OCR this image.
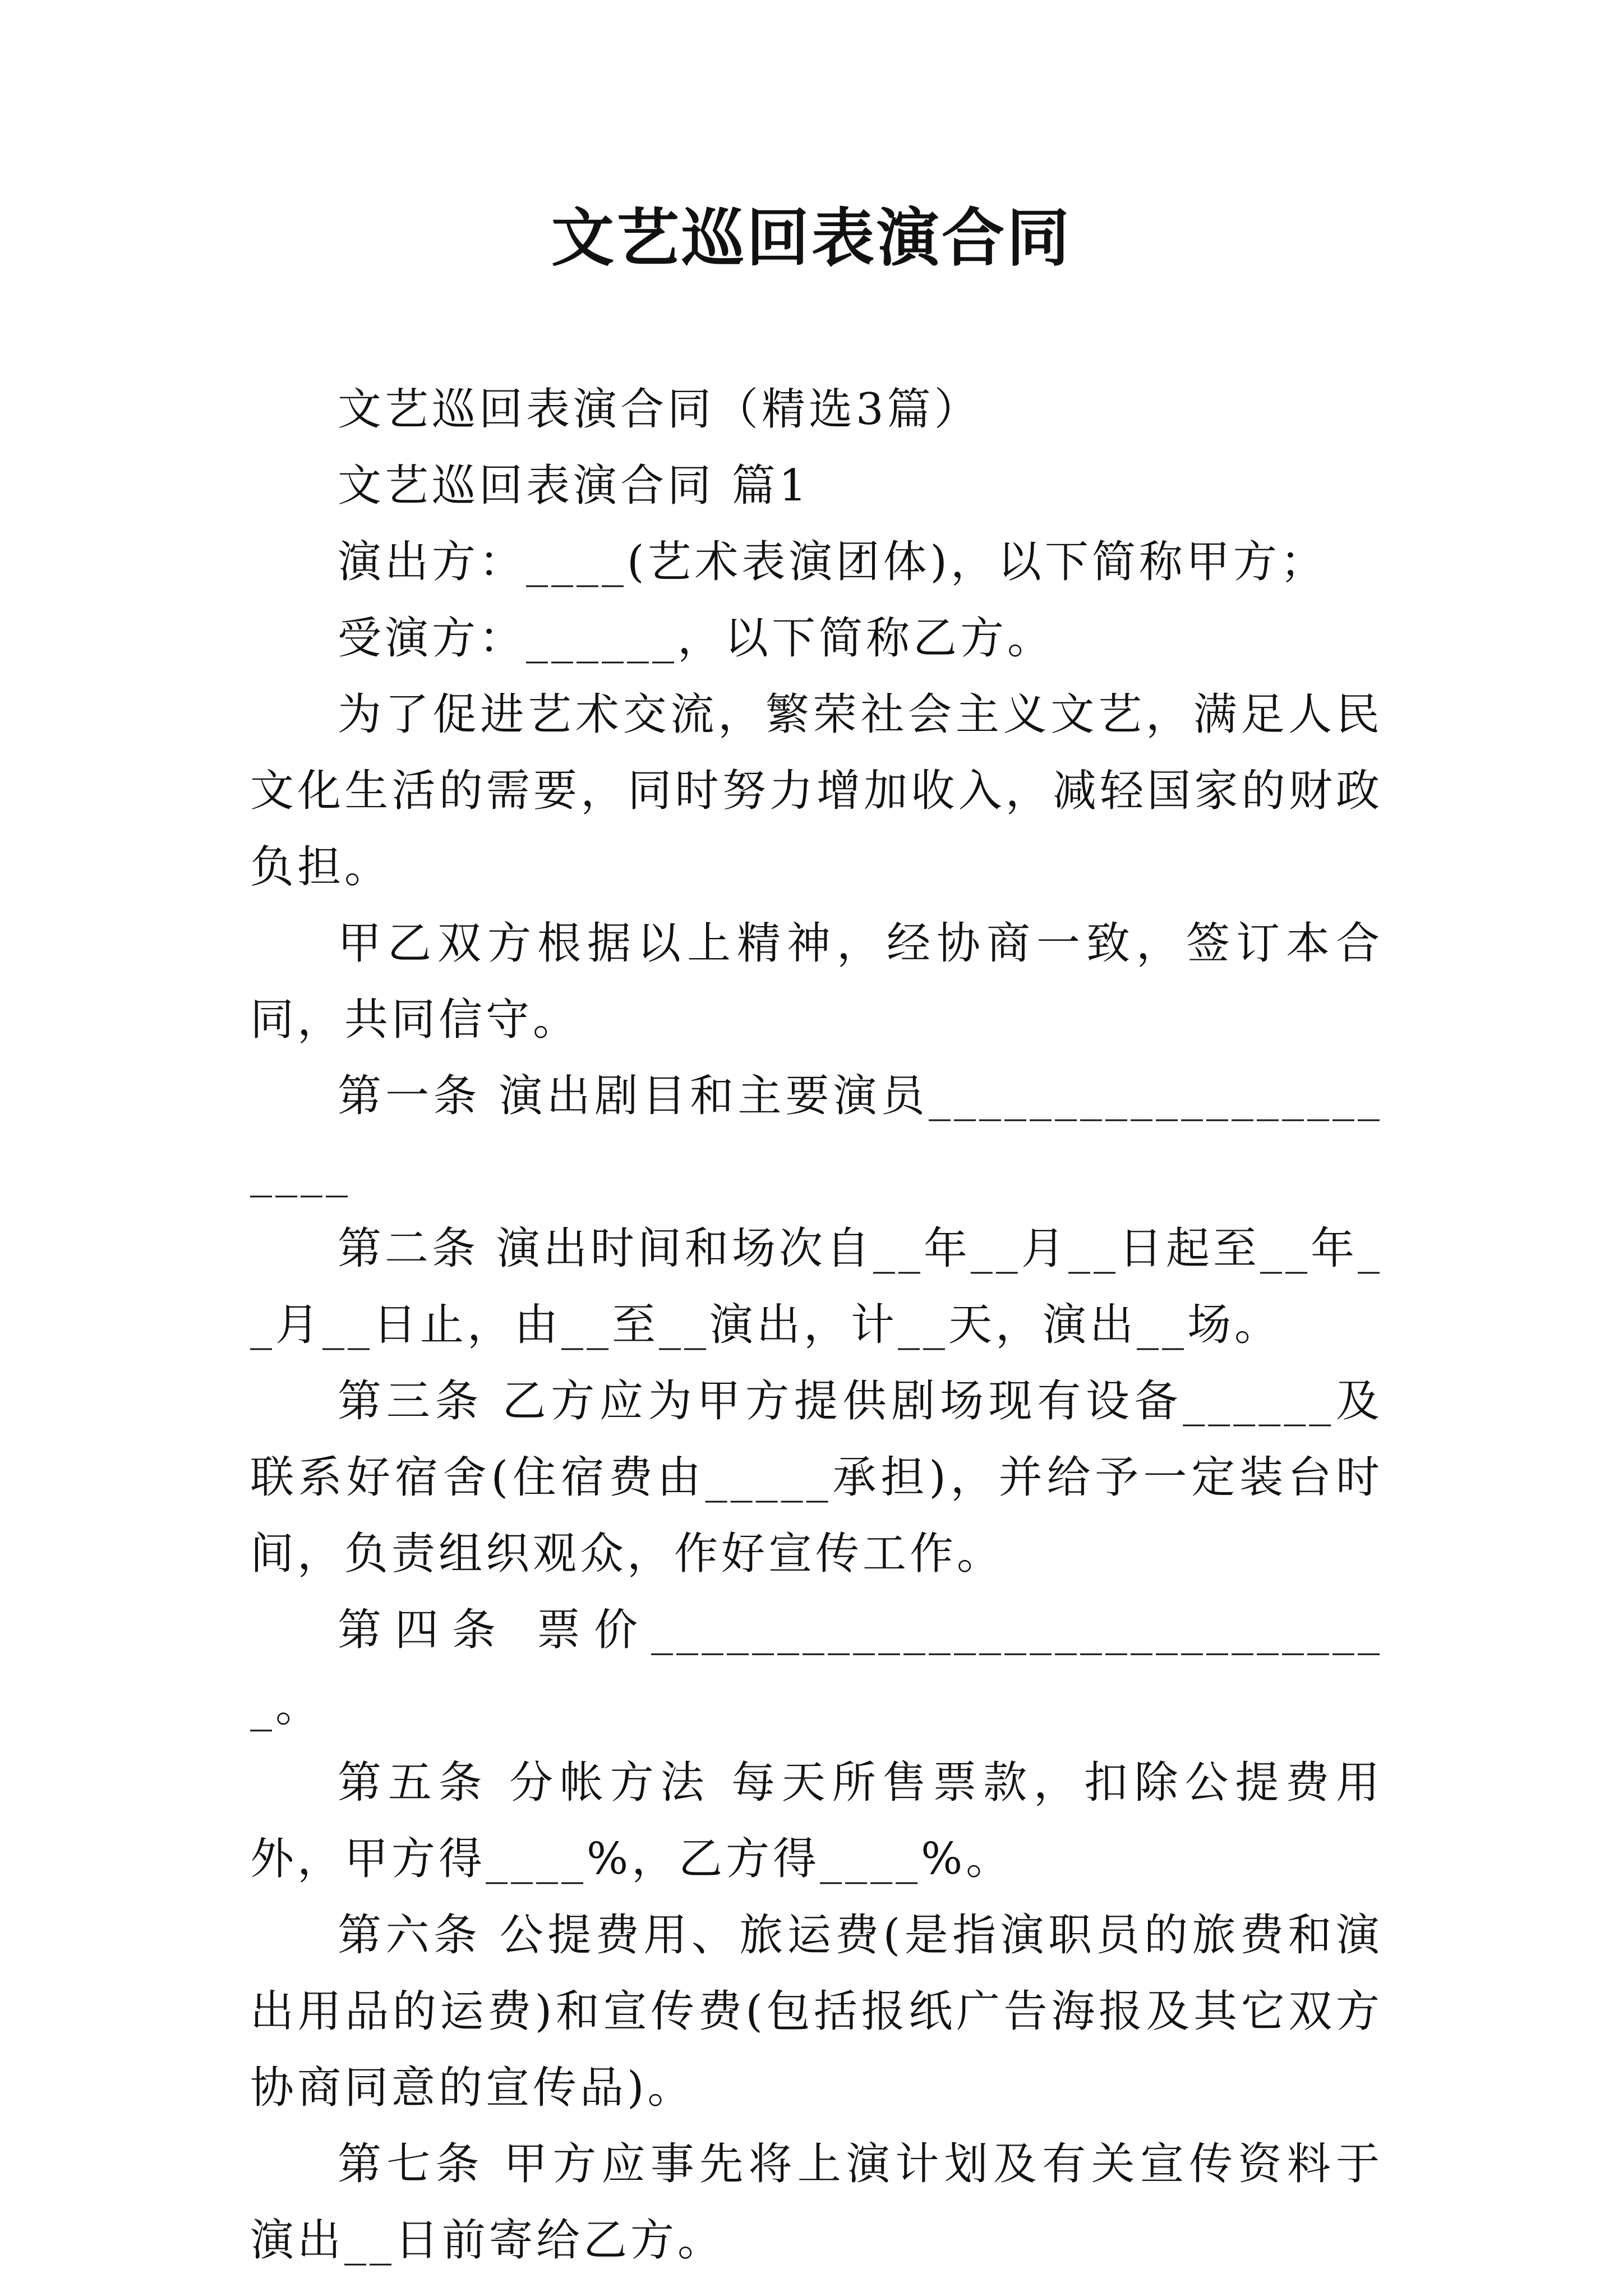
文艺巡回表演合同

文艺巡回表演合同（精选3篇）

文艺巡回表演合同 篇1

演出方：____(艺术表演团体)，以下简称甲方；

受演方：______，以下简称乙方。

为了促进艺术交流，繁荣社会主义文艺，满足人民文化生活的需要，同时努力增加收入，减轻国家的财政负担。

甲乙双方根据以上精神，经协商一致，签订本合同，共同信守。

第一条 演出剧目和主要演员______________________

第二条 演出时间和场次自__年__月__日起至__年__月__日止，由__至__演出，计__天，演出__场。

第三条 乙方应为甲方提供剧场现有设备______及联系好宿舍(住宿费由_____承担)，并给予一定装台时间，负责组织观众，作好宣传工作。

第四条 票价______________________________。

第五条 分帐方法 每天所售票款，扣除公提费用外，甲方得____%，乙方得____%。

第六条 公提费用、旅运费(是指演职员的旅费和演出用品的运费)和宣传费(包括报纸广告海报及其它双方协商同意的宣传品)。

第七条 甲方应事先将上演计划及有关宣传资料于演出__日前寄给乙方。
